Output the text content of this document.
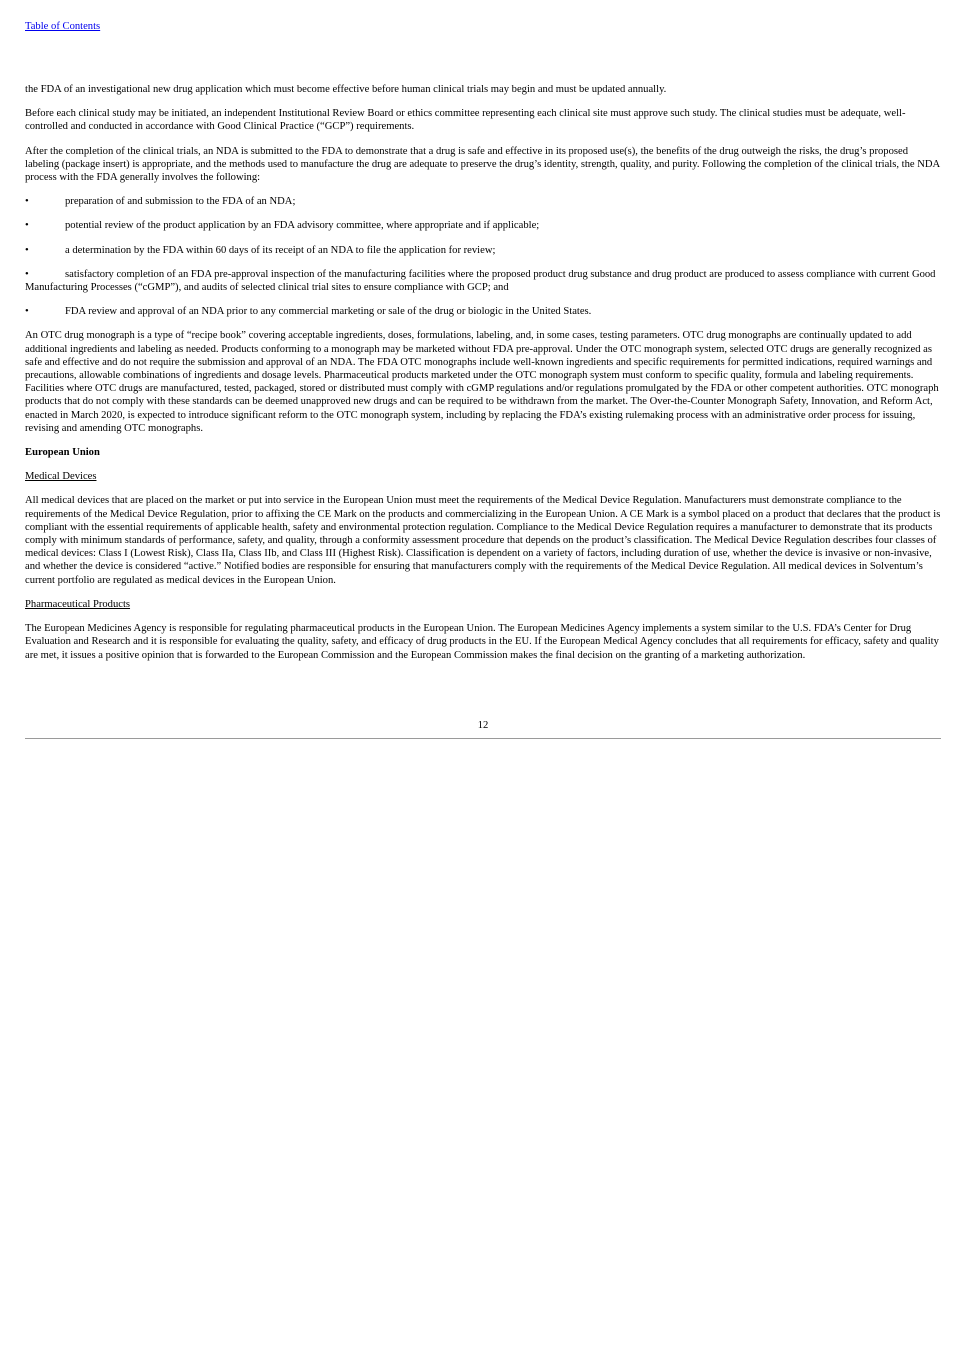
Table of Contents

the FDA of an investigational new drug application which must become effective before human clinical trials may begin and must be updated annually.

Before each clinical study may be initiated, an independent Institutional Review Board or ethics committee representing each clinical site must approve such study. The clinical studies must be adequate, well-controlled and conducted in accordance with Good Clinical Practice (“GCP”) requirements.

After the completion of the clinical trials, an NDA is submitted to the FDA to demonstrate that a drug is safe and effective in its proposed use(s), the benefits of the drug outweigh the risks, the drug’s proposed labeling (package insert) is appropriate, and the methods used to manufacture the drug are adequate to preserve the drug’s identity, strength, quality, and purity. Following the completion of the clinical trials, the NDA process with the FDA generally involves the following:

•	preparation of and submission to the FDA of an NDA;
•	potential review of the product application by an FDA advisory committee, where appropriate and if applicable;
•	a determination by the FDA within 60 days of its receipt of an NDA to file the application for review;
•	satisfactory completion of an FDA pre-approval inspection of the manufacturing facilities where the proposed product drug substance and drug product are produced to assess compliance with current Good Manufacturing Processes (“cGMP”), and audits of selected clinical trial sites to ensure compliance with GCP; and
•	FDA review and approval of an NDA prior to any commercial marketing or sale of the drug or biologic in the United States.

An OTC drug monograph is a type of “recipe book” covering acceptable ingredients, doses, formulations, labeling, and, in some cases, testing parameters. OTC drug monographs are continually updated to add additional ingredients and labeling as needed. Products conforming to a monograph may be marketed without FDA pre-approval. Under the OTC monograph system, selected OTC drugs are generally recognized as safe and effective and do not require the submission and approval of an NDA. The FDA OTC monographs include well-known ingredients and specific requirements for permitted indications, required warnings and precautions, allowable combinations of ingredients and dosage levels. Pharmaceutical products marketed under the OTC monograph system must conform to specific quality, formula and labeling requirements. Facilities where OTC drugs are manufactured, tested, packaged, stored or distributed must comply with cGMP regulations and/or regulations promulgated by the FDA or other competent authorities. OTC monograph products that do not comply with these standards can be deemed unapproved new drugs and can be required to be withdrawn from the market. The Over-the-Counter Monograph Safety, Innovation, and Reform Act, enacted in March 2020, is expected to introduce significant reform to the OTC monograph system, including by replacing the FDA’s existing rulemaking process with an administrative order process for issuing, revising and amending OTC monographs.

European Union
Medical Devices

All medical devices that are placed on the market or put into service in the European Union must meet the requirements of the Medical Device Regulation. Manufacturers must demonstrate compliance to the requirements of the Medical Device Regulation, prior to affixing the CE Mark on the products and commercializing in the European Union. A CE Mark is a symbol placed on a product that declares that the product is compliant with the essential requirements of applicable health, safety and environmental protection regulation. Compliance to the Medical Device Regulation requires a manufacturer to demonstrate that its products comply with minimum standards of performance, safety, and quality, through a conformity assessment procedure that depends on the product’s classification. The Medical Device Regulation describes four classes of medical devices: Class I (Lowest Risk), Class IIa, Class IIb, and Class III (Highest Risk). Classification is dependent on a variety of factors, including duration of use, whether the device is invasive or non-invasive, and whether the device is considered “active.” Notified bodies are responsible for ensuring that manufacturers comply with the requirements of the Medical Device Regulation. All medical devices in Solventum’s current portfolio are regulated as medical devices in the European Union.

Pharmaceutical Products

The European Medicines Agency is responsible for regulating pharmaceutical products in the European Union. The European Medicines Agency implements a system similar to the U.S. FDA’s Center for Drug Evaluation and Research and it is responsible for evaluating the quality, safety, and efficacy of drug products in the EU. If the European Medical Agency concludes that all requirements for efficacy, safety and quality are met, it issues a positive opinion that is forwarded to the European Commission and the European Commission makes the final decision on the granting of a marketing authorization.

12
